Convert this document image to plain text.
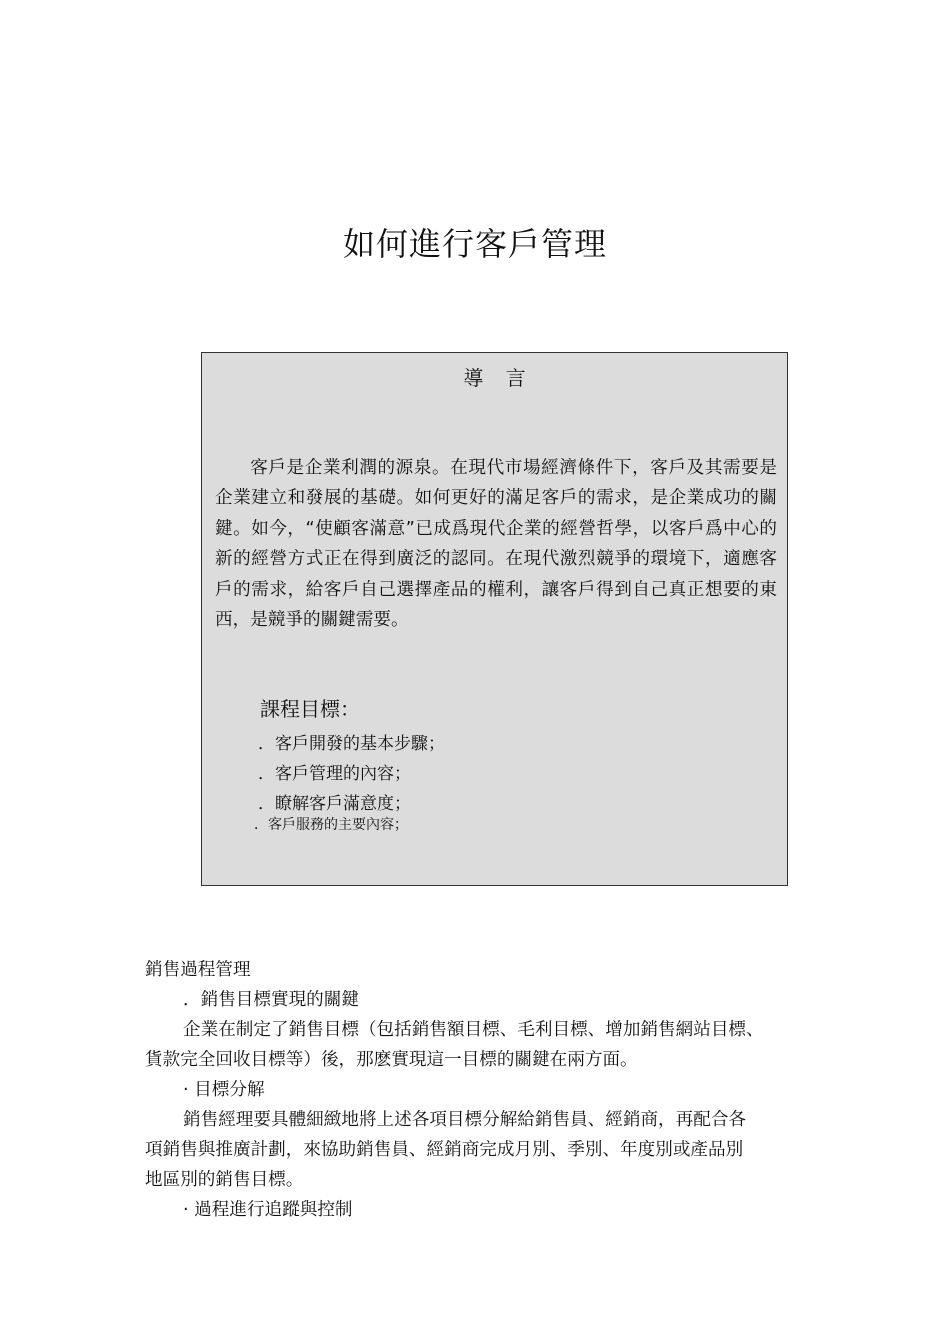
如何進行客戶管理
導 言

客戶是企業利潤的源泉。在現代市場經濟條件下，客戶及其需要是企業建立和發展的基礎。如何更好的滿足客戶的需求，是企業成功的關鍵。如今，“使顧客滿意”已成爲現代企業的經營哲學，以客戶爲中心的新的經營方式正在得到廣泛的認同。在現代激烈競爭的環境下，適應客戶的需求，給客戶自己選擇產品的權利，讓客戶得到自己真正想要的東西，是競爭的關鍵需要。

課程目標：
．客戶開發的基本步驟；
．客戶管理的內容；
．瞭解客戶滿意度；
．客戶服務的主要內容；
銷售過程管理
．銷售目標實現的關鍵
企業在制定了銷售目標（包括銷售額目標、毛利目標、增加銷售網站目標、
貨款完全回收目標等）後，那麽實現這一目標的關鍵在兩方面。
· 目標分解
銷售經理要具體細緻地將上述各項目標分解給銷售員、經銷商，再配合各
項銷售與推廣計劃，來協助銷售員、經銷商完成月別、季別、年度別或產品別
地區別的銷售目標。
· 過程進行追蹤與控制
